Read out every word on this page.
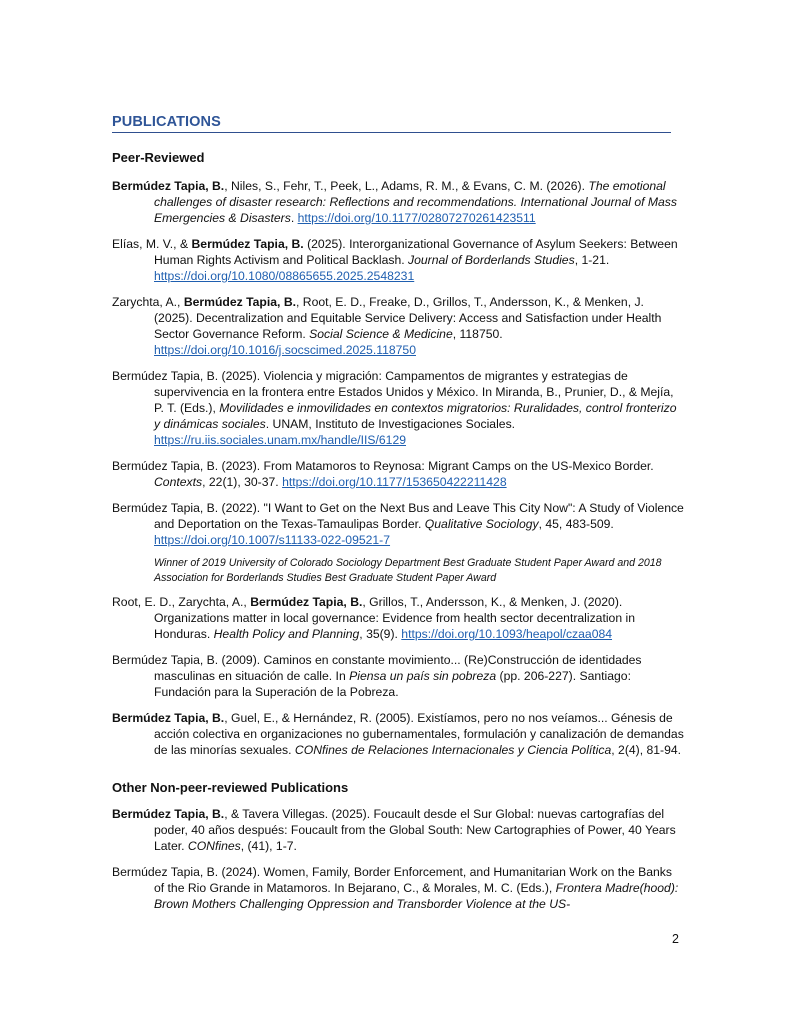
PUBLICATIONS
Peer-Reviewed
Bermúdez Tapia, B., Niles, S., Fehr, T., Peek, L., Adams, R. M., & Evans, C. M. (2026). The emotional challenges of disaster research: Reflections and recommendations. International Journal of Mass Emergencies & Disasters. https://doi.org/10.1177/02807270261423511
Elías, M. V., & Bermúdez Tapia, B. (2025). Interorganizational Governance of Asylum Seekers: Between Human Rights Activism and Political Backlash. Journal of Borderlands Studies, 1-21. https://doi.org/10.1080/08865655.2025.2548231
Zarychta, A., Bermúdez Tapia, B., Root, E. D., Freake, D., Grillos, T., Andersson, K., & Menken, J. (2025). Decentralization and Equitable Service Delivery: Access and Satisfaction under Health Sector Governance Reform. Social Science & Medicine, 118750. https://doi.org/10.1016/j.socscimed.2025.118750
Bermúdez Tapia, B. (2025). Violencia y migración: Campamentos de migrantes y estrategias de supervivencia en la frontera entre Estados Unidos y México. In Miranda, B., Prunier, D., & Mejía, P. T. (Eds.), Movilidades e inmovilidades en contextos migratorios: Ruralidades, control fronterizo y dinámicas sociales. UNAM, Instituto de Investigaciones Sociales. https://ru.iis.sociales.unam.mx/handle/IIS/6129
Bermúdez Tapia, B. (2023). From Matamoros to Reynosa: Migrant Camps on the US-Mexico Border. Contexts, 22(1), 30-37. https://doi.org/10.1177/153650422211428
Bermúdez Tapia, B. (2022). "I Want to Get on the Next Bus and Leave This City Now": A Study of Violence and Deportation on the Texas-Tamaulipas Border. Qualitative Sociology, 45, 483-509. https://doi.org/10.1007/s11133-022-09521-7
Winner of 2019 University of Colorado Sociology Department Best Graduate Student Paper Award and 2018 Association for Borderlands Studies Best Graduate Student Paper Award
Root, E. D., Zarychta, A., Bermúdez Tapia, B., Grillos, T., Andersson, K., & Menken, J. (2020). Organizations matter in local governance: Evidence from health sector decentralization in Honduras. Health Policy and Planning, 35(9). https://doi.org/10.1093/heapol/czaa084
Bermúdez Tapia, B. (2009). Caminos en constante movimiento... (Re)Construcción de identidades masculinas en situación de calle. In Piensa un país sin pobreza (pp. 206-227). Santiago: Fundación para la Superación de la Pobreza.
Bermúdez Tapia, B., Guel, E., & Hernández, R. (2005). Existíamos, pero no nos veíamos... Génesis de acción colectiva en organizaciones no gubernamentales, formulación y canalización de demandas de las minorías sexuales. CONfines de Relaciones Internacionales y Ciencia Política, 2(4), 81-94.
Other Non-peer-reviewed Publications
Bermúdez Tapia, B., & Tavera Villegas. (2025). Foucault desde el Sur Global: nuevas cartografías del poder, 40 años después: Foucault from the Global South: New Cartographies of Power, 40 Years Later. CONfines, (41), 1-7.
Bermúdez Tapia, B. (2024). Women, Family, Border Enforcement, and Humanitarian Work on the Banks of the Rio Grande in Matamoros. In Bejarano, C., & Morales, M. C. (Eds.), Frontera Madre(hood): Brown Mothers Challenging Oppression and Transborder Violence at the US-
2
